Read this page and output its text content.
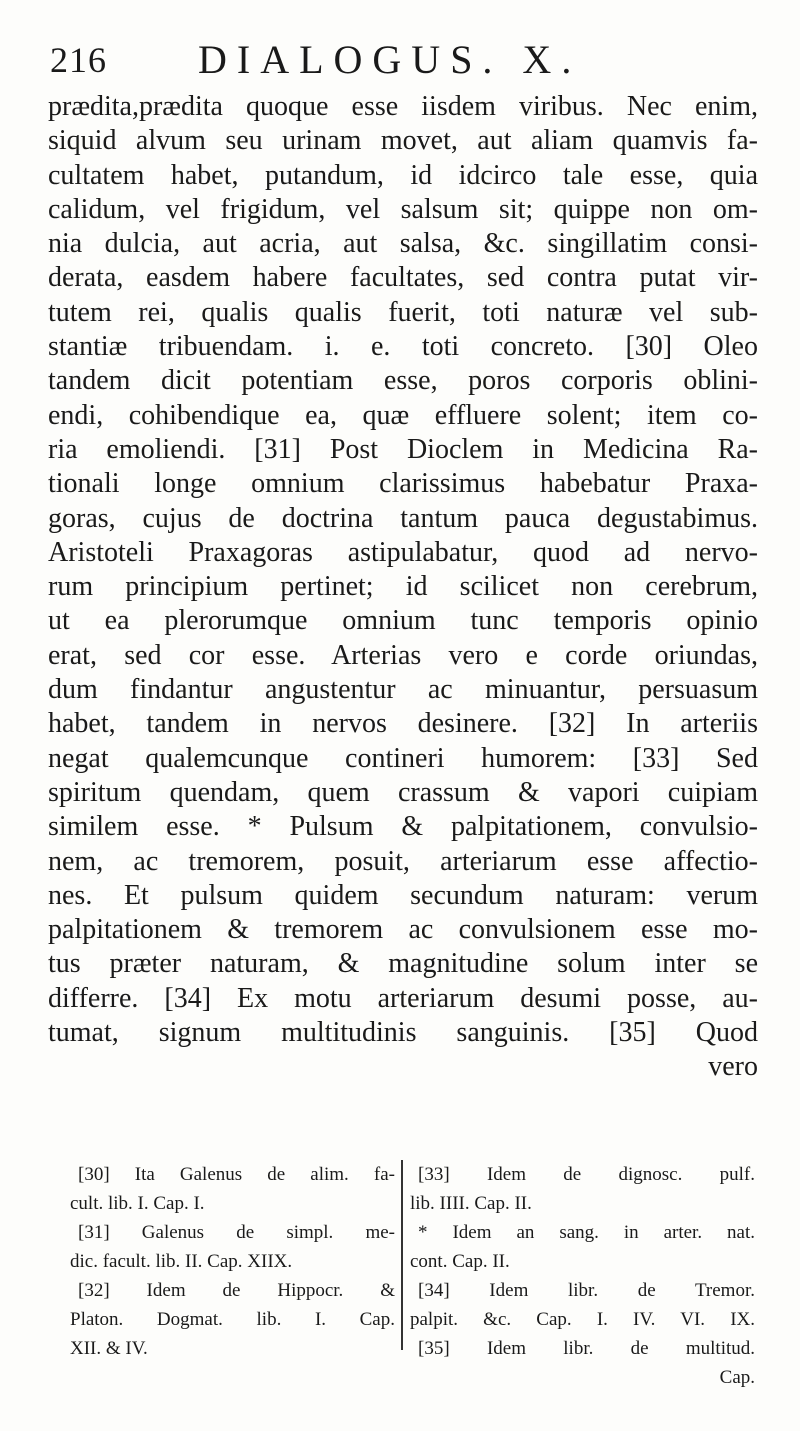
216 DIALOGUS. X.
prædita,prædita quoque esse iisdem viribus. Nec enim,
siquid alvum seu urinam movet, aut aliam quamvis fa-
cultatem habet, putandum, id idcirco tale esse, quia
calidum, vel frigidum, vel salsum sit; quippe non om-
nia dulcia, aut acria, aut salsa, &c. singillatim consi-
derata, easdem habere facultates, sed contra putat vir-
tutem rei, qualis qualis fuerit, toti naturæ vel sub-
stantiæ tribuendam. i. e. toti concreto. [30] Oleo
tandem dicit potentiam esse, poros corporis oblini-
endi, cohibendique ea, quæ effluere solent; item co-
ria emoliendi. [31] Post Dioclem in Medicina Ra-
tionali longe omnium clarissimus habebatur Praxa-
goras, cujus de doctrina tantum pauca degustabimus.
Aristoteli Praxagoras astipulabatur, quod ad nervo-
rum principium pertinet; id scilicet non cerebrum,
ut ea plerorumque omnium tunc temporis opinio
erat, sed cor esse. Arterias vero e corde oriundas,
dum findantur angustentur ac minuantur, persuasum
habet, tandem in nervos desinere. [32] In arteriis
negat qualemcunque contineri humorem: [33] Sed
spiritum quendam, quem crassum & vapori cuipiam
similem esse. * Pulsum & palpitationem, convulsio-
nem, ac tremorem, posuit, arteriarum esse affectio-
nes. Et pulsum quidem secundum naturam: verum
palpitationem & tremorem ac convulsionem esse mo-
tus præter naturam, & magnitudine solum inter se
differre. [34] Ex motu arteriarum desumi posse, au-
tumat, signum multitudinis sanguinis. [35] Quod
vero
[30] Ita Galenus de alim. fa-
cult. lib. I. Cap. I.
[31] Galenus de simpl. me-
dic. facult. lib. II. Cap. XIIX.
[32] Idem de Hippocr. &
Platon. Dogmat. lib. I. Cap.
XII. & IV.
[33] Idem de dignosc. pulf.
lib. IIII. Cap. II.
* Idem an sang. in arter. nat.
cont. Cap. II.
[34] Idem libr. de Tremor.
palpit. &c. Cap. I. IV. VI. IX.
[35] Idem libr. de multitud.
Cap.
